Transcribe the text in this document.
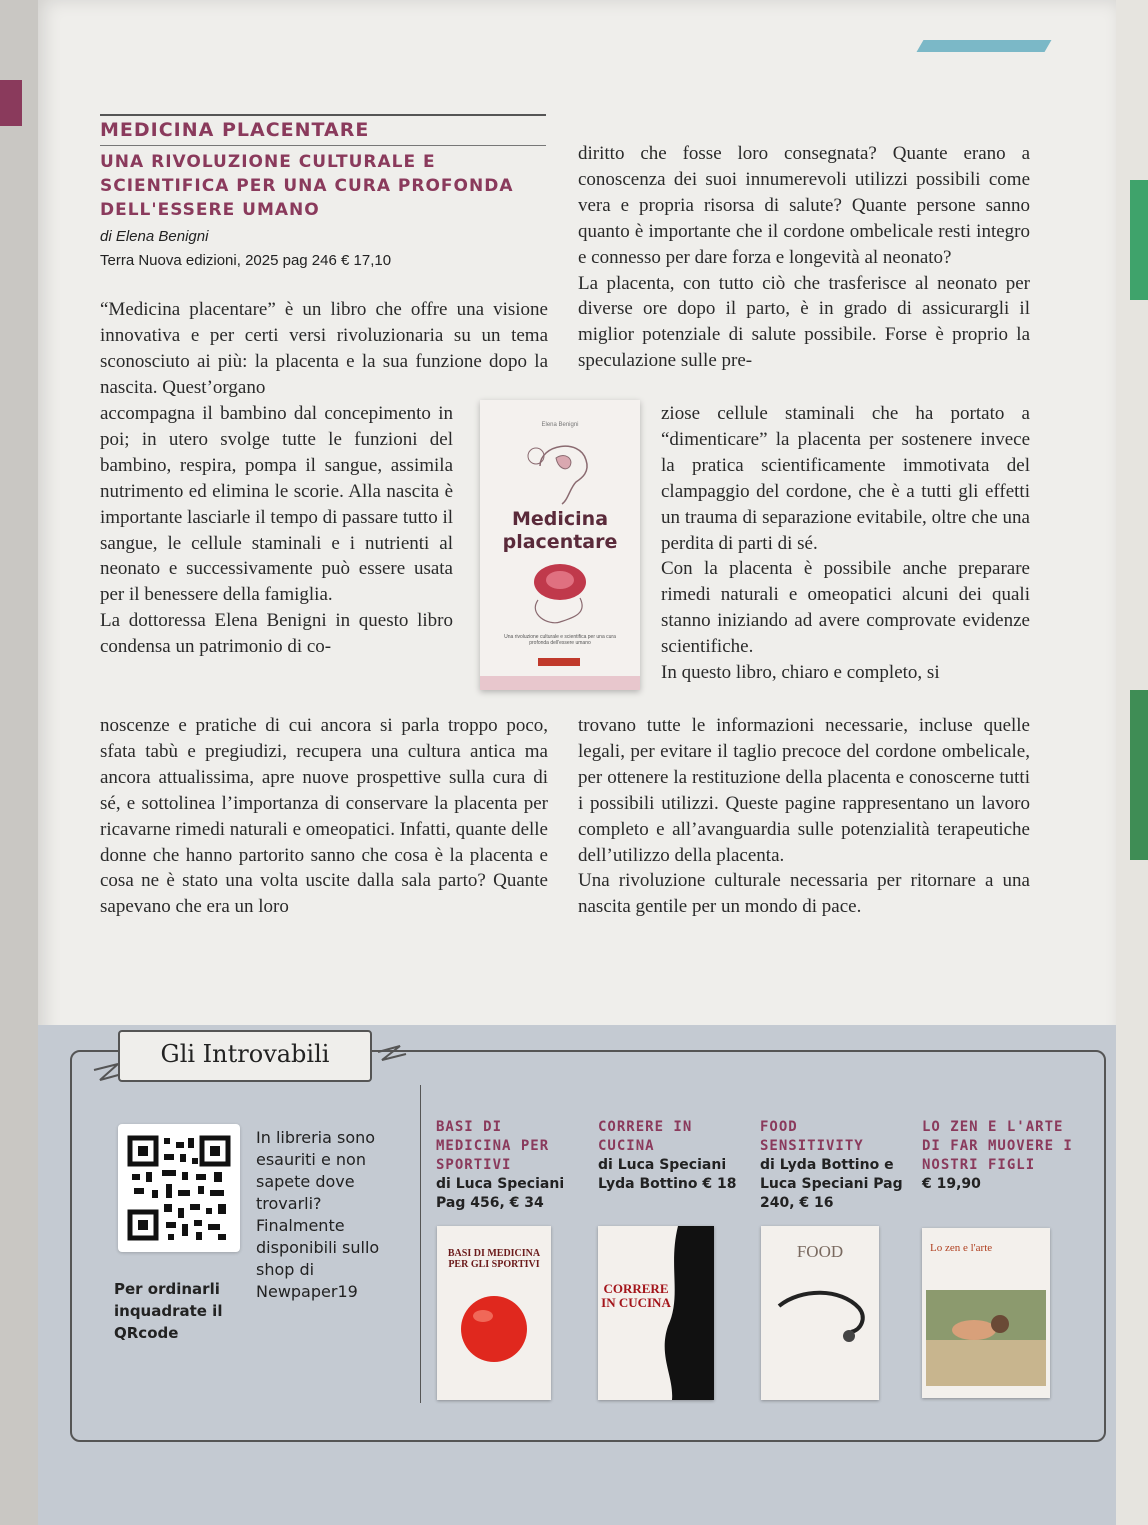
MEDICINA PLACENTARE
UNA RIVOLUZIONE CULTURALE E SCIENTIFICA PER UNA CURA PROFONDA DELL'ESSERE UMANO
di Elena Benigni
Terra Nuova edizioni, 2025 pag 246 € 17,10

“Medicina placentare” è un libro che offre una visione innovativa e per certi versi rivoluzionaria su un tema sconosciuto ai più: la placenta e la sua funzione dopo la nascita. Quest’organo

accompagna il bambino dal concepimento in poi; in utero svolge tutte le funzioni del bambino, respira, pompa il sangue, assimila nutrimento ed elimina le scorie. Alla nascita è importante lasciarle il tempo di passare tutto il sangue, le cellule staminali e i nutrienti al neonato e successivamente può essere usata per il benessere della famiglia.

La dottoressa Elena Benigni in questo libro condensa un patrimonio di co-

noscenze e pratiche di cui ancora si parla troppo poco, sfata tabù e pregiudizi, recupera una cultura antica ma ancora attualissima, apre nuove prospettive sulla cura di sé, e sottolinea l’importanza di conservare la placenta per ricavarne rimedi naturali e omeopatici. Infatti, quante delle donne che hanno partorito sanno che cosa è la placenta e cosa ne è stato una volta uscite dalla sala parto? Quante sapevano che era un loro

diritto che fosse loro consegnata? Quante erano a conoscenza dei suoi innumerevoli utilizzi possibili come vera e propria risorsa di salute? Quante persone sanno quanto è importante che il cordone ombelicale resti integro e connesso per dare forza e longevità al neonato?

La placenta, con tutto ciò che trasferisce al neonato per diverse ore dopo il parto, è in grado di assicurargli il miglior potenziale di salute possibile. Forse è proprio la speculazione sulle pre-

ziose cellule staminali che ha portato a “dimenticare” la placenta per sostenere invece la pratica scientificamente immotivata del clampaggio del cordone, che è a tutti gli effetti un trauma di separazione evitabile, oltre che una perdita di parti di sé.

Con la placenta è possibile anche preparare rimedi naturali e omeopatici alcuni dei quali stanno iniziando ad avere comprovate evidenze scientifiche.

In questo libro, chiaro e completo, si

trovano tutte le informazioni necessarie, incluse quelle legali, per evitare il taglio precoce del cordone ombelicale, per ottenere la restituzione della placenta e conoscerne tutti i possibili utilizzi. Queste pagine rappresentano un lavoro completo e all’avanguardia sulle potenzialità terapeutiche dell’utilizzo della placenta.

Una rivoluzione culturale necessaria per ritornare a una nascita gentile per un mondo di pace.

Elena Benigni
Medicina
placentare
Una rivoluzione culturale e scientifica per una cura profonda dell'essere umano
Gli Introvabili
In libreria sono esauriti e non sapete dove trovarli? Finalmente disponibili sullo shop di Newpaper19
Per ordinarli inquadrate il QRcode
BASI DI MEDICINA PER SPORTIVI
di Luca Speciani Pag 456, € 34
BASI DI MEDICINA PER GLI SPORTIVI
CORRERE IN CUCINA
di Luca Speciani Lyda Bottino € 18
CORRERE IN CUCINA
FOOD SENSITIVITY
di Lyda Bottino e Luca Speciani Pag 240, € 16
FOOD
LO ZEN E L'ARTE DI FAR MUOVERE I NOSTRI FIGLI
€ 19,90
Lo zen e l'arte
